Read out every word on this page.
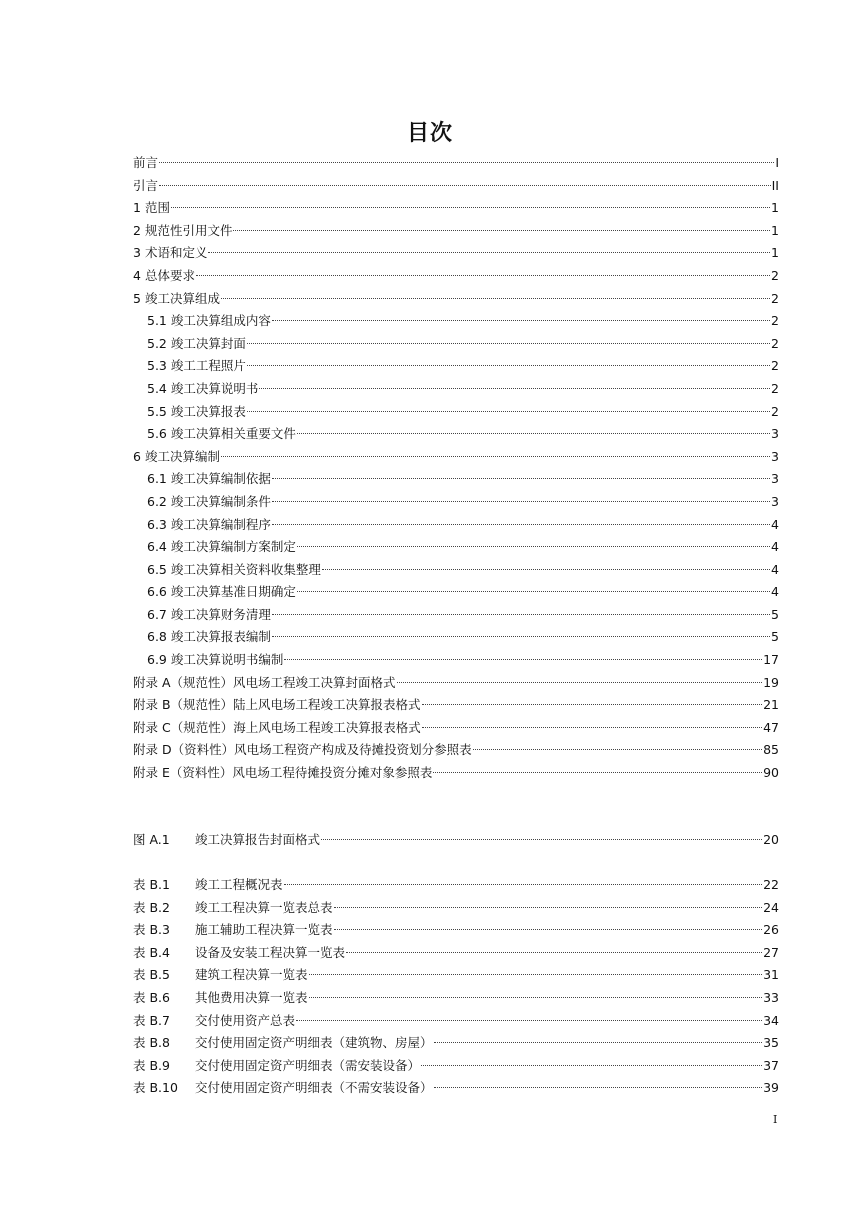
目次
前言	I
引言	II
1 范围	1
2 规范性引用文件	1
3 术语和定义	1
4 总体要求	2
5 竣工决算组成	2
5.1 竣工决算组成内容	2
5.2 竣工决算封面	2
5.3 竣工工程照片	2
5.4 竣工决算说明书	2
5.5 竣工决算报表	2
5.6 竣工决算相关重要文件	3
6 竣工决算编制	3
6.1 竣工决算编制依据	3
6.2 竣工决算编制条件	3
6.3 竣工决算编制程序	4
6.4 竣工决算编制方案制定	4
6.5 竣工决算相关资料收集整理	4
6.6 竣工决算基准日期确定	4
6.7 竣工决算财务清理	5
6.8 竣工决算报表编制	5
6.9 竣工决算说明书编制	17
附录 A（规范性）风电场工程竣工决算封面格式	19
附录 B（规范性）陆上风电场工程竣工决算报表格式	21
附录 C（规范性）海上风电场工程竣工决算报表格式	47
附录 D（资料性）风电场工程资产构成及待摊投资划分参照表	85
附录 E（资料性）风电场工程待摊投资分摊对象参照表	90
图 A.1	竣工决算报告封面格式	20
表 B.1	竣工工程概况表	22
表 B.2	竣工工程决算一览表总表	24
表 B.3	施工辅助工程决算一览表	26
表 B.4	设备及安装工程决算一览表	27
表 B.5	建筑工程决算一览表	31
表 B.6	其他费用决算一览表	33
表 B.7	交付使用资产总表	34
表 B.8	交付使用固定资产明细表（建筑物、房屋）	35
表 B.9	交付使用固定资产明细表（需安装设备）	37
表 B.10	交付使用固定资产明细表（不需安装设备）	39
I
